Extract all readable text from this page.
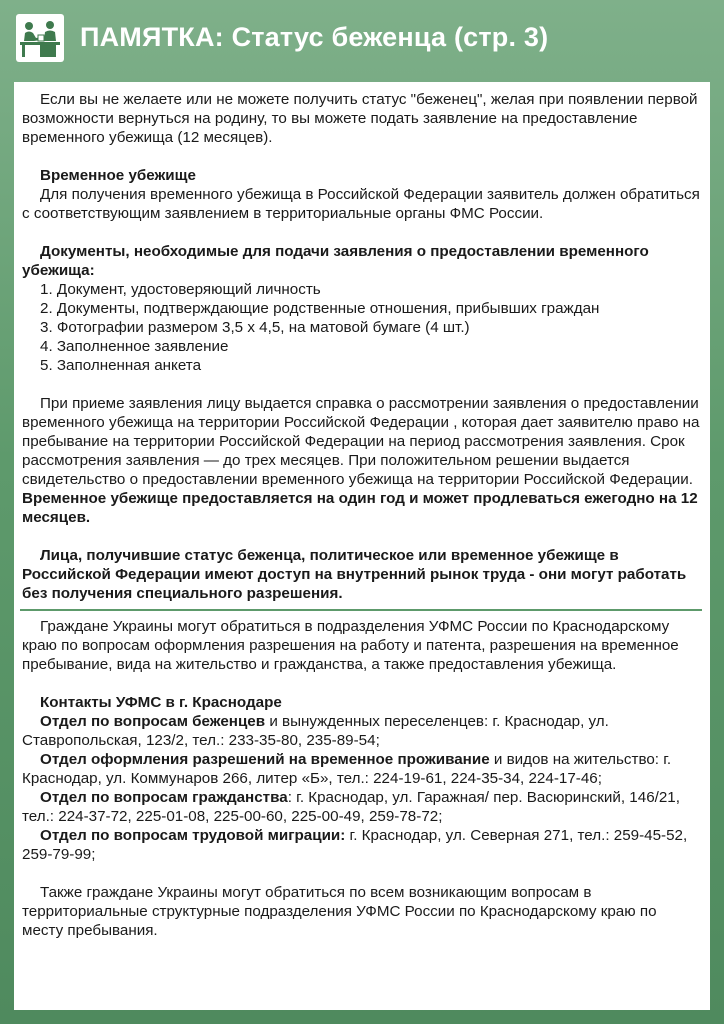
ПАМЯТКА: Статус беженца (стр. 3)

Если вы не желаете или не можете получить статус "беженец", желая при появлении первой возможности вернуться на родину, то вы можете подать заявление на предоставление временного убежища (12 месяцев).

Временное убежище

Для получения временного убежища в Российской Федерации заявитель должен обратиться с соответствующим заявлением в территориальные органы ФМС России.

Документы, необходимые для подачи заявления о предоставлении временного убежища:

1. Документ, удостоверяющий личность
2. Документы, подтверждающие родственные отношения, прибывших граждан
3. Фотографии размером 3,5 х 4,5, на матовой бумаге (4 шт.)
4. Заполненное заявление
5. Заполненная анкета

При приеме заявления лицу выдается справка о рассмотрении заявления о предоставлении временного убежища на территории Российской Федерации , которая дает заявителю право на пребывание на территории Российской Федерации на период рассмотрения заявления. Срок рассмотрения заявления — до трех месяцев. При положительном решении выдается свидетельство о предоставлении временного убежища на территории Российской Федерации. Временное убежище предоставляется на один год и может продлеваться ежегодно на 12 месяцев.

Лица, получившие статус беженца, политическое или временное убежище в Российской Федерации имеют доступ на внутренний рынок труда - они могут работать без получения специального разрешения.

Граждане Украины могут обратиться в подразделения УФМС России по Краснодарскому краю по вопросам оформления разрешения на работу и патента, разрешения на временное пребывание, вида на жительство и гражданства, а также предоставления убежища.

Контакты УФМС в г. Краснодаре

Отдел по вопросам беженцев и вынужденных переселенцев: г. Краснодар, ул. Ставропольская, 123/2, тел.: 233-35-80, 235-89-54;

Отдел оформления разрешений на временное проживание и видов на жительство: г. Краснодар, ул. Коммунаров 266, литер «Б», тел.: 224-19-61, 224-35-34, 224-17-46;

Отдел по вопросам гражданства: г. Краснодар, ул. Гаражная/ пер. Васюринский, 146/21, тел.: 224-37-72, 225-01-08, 225-00-60, 225-00-49, 259-78-72;

Отдел по вопросам трудовой миграции: г. Краснодар, ул. Северная 271, тел.: 259-45-52, 259-79-99;

Также граждане Украины могут обратиться по всем возникающим вопросам в территориальные структурные подразделения УФМС России по Краснодарскому краю по месту пребывания.
